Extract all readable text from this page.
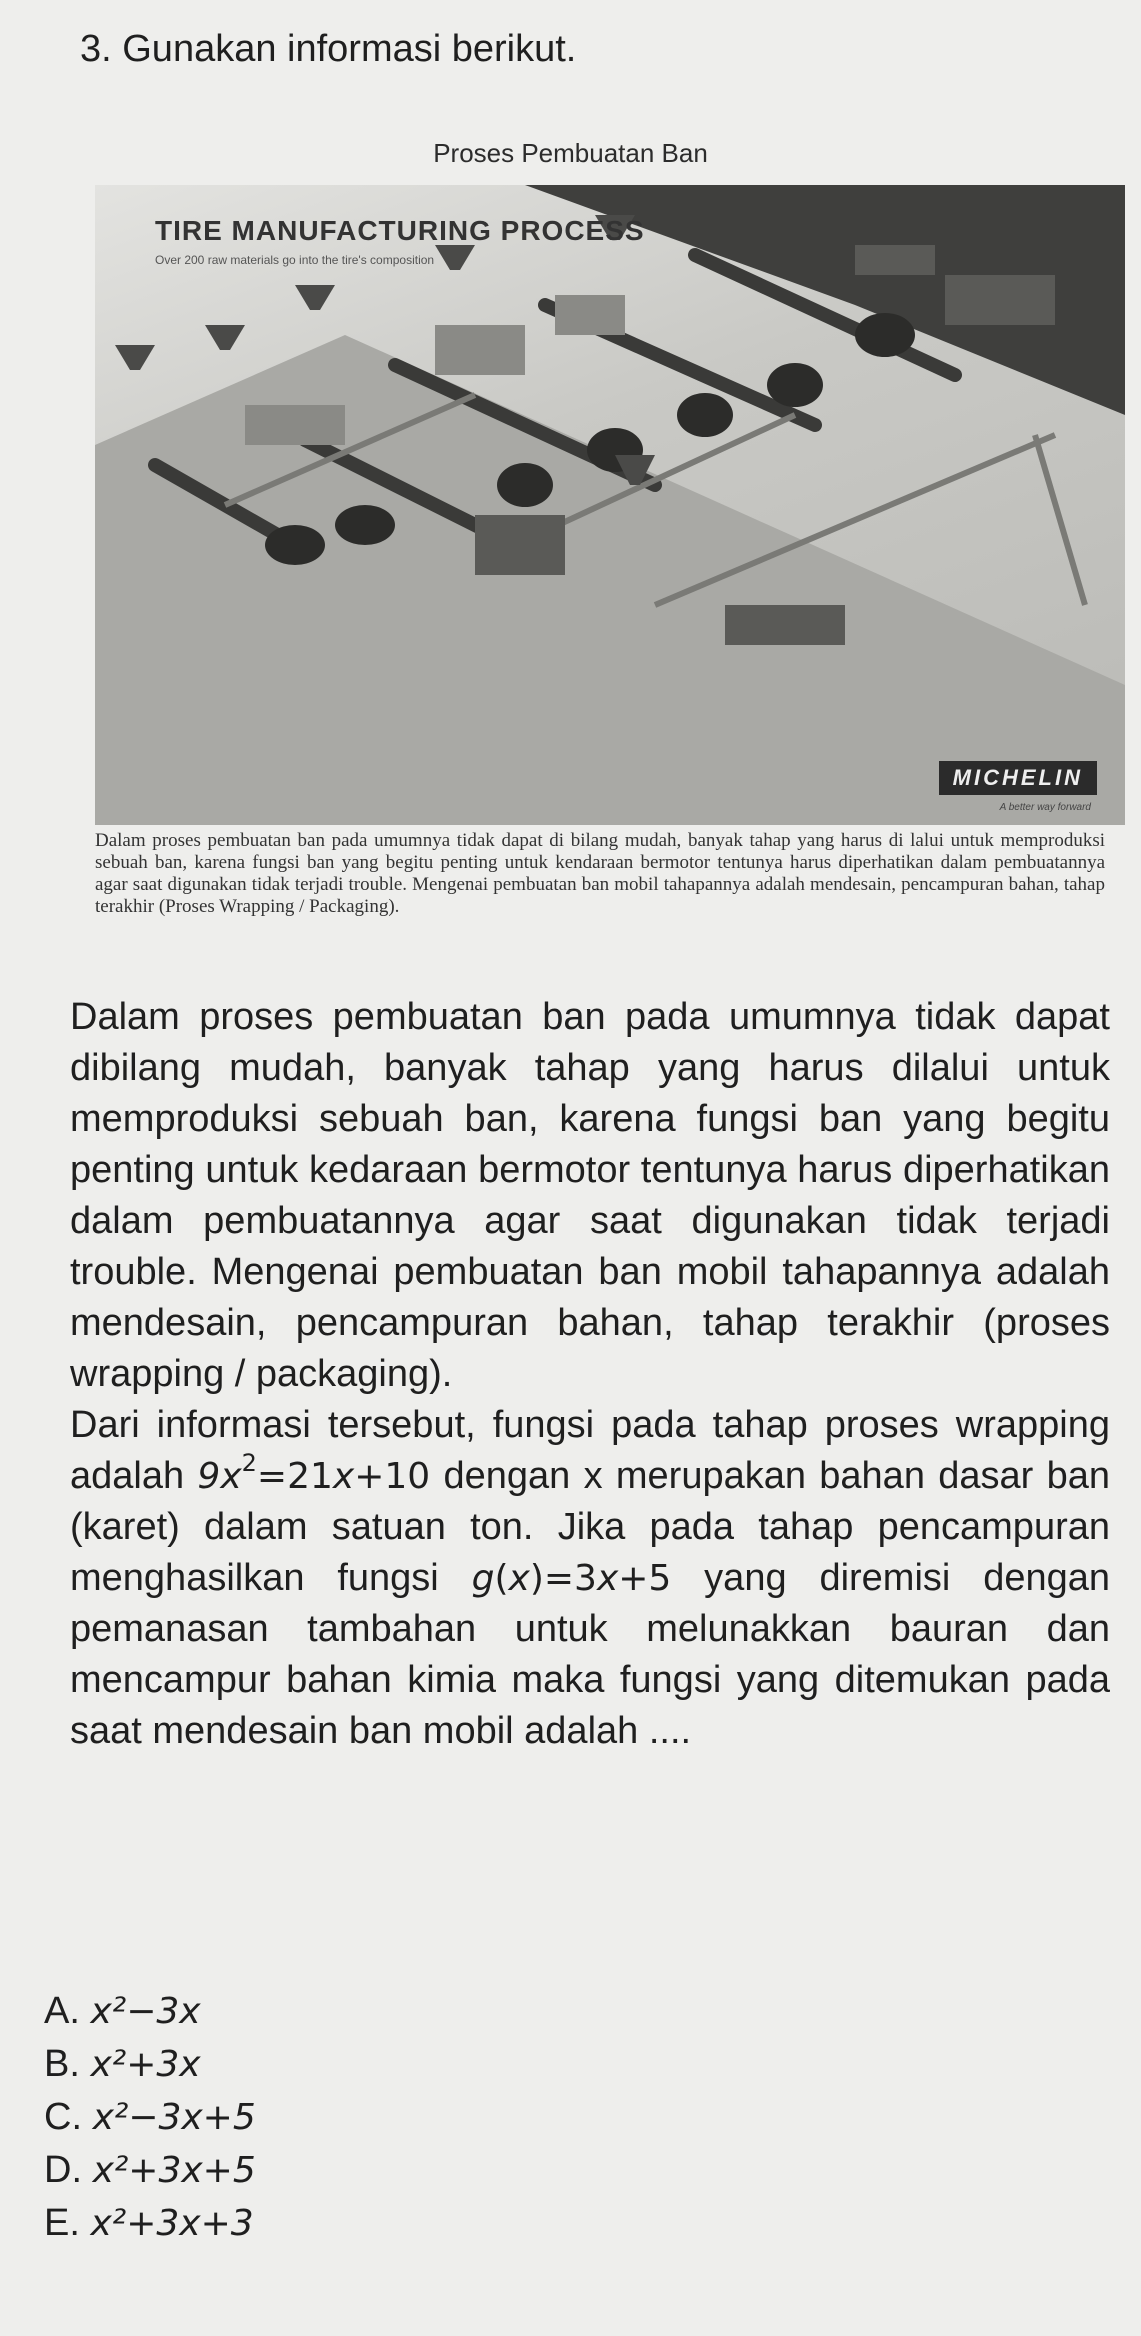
3. Gunakan informasi berikut.
Proses Pembuatan Ban
TIRE MANUFACTURING PROCESS
Over 200 raw materials go into the tire's composition
MICHELIN
A better way forward
Dalam proses pembuatan ban pada umumnya tidak dapat di bilang mudah, banyak tahap yang harus di lalui untuk memproduksi sebuah ban, karena fungsi ban yang begitu penting untuk kendaraan bermotor tentunya harus diperhatikan dalam pembuatannya agar saat digunakan tidak terjadi trouble. Mengenai pembuatan ban mobil tahapannya adalah mendesain, pencampuran bahan, tahap terakhir (Proses Wrapping / Packaging).

Dalam proses pembuatan ban pada umumnya tidak dapat dibilang mudah, banyak tahap yang harus dilalui untuk memproduksi sebuah ban, karena fungsi ban yang begitu penting untuk kedaraan bermotor tentunya harus diperhatikan dalam pembuatannya agar saat digunakan tidak terjadi trouble. Mengenai pembuatan ban mobil tahapannya adalah mendesain, pencampuran bahan, tahap terakhir (proses wrapping / packaging).

Dari informasi tersebut, fungsi pada tahap proses wrapping adalah $9x^2=21x+10$ dengan x merupakan bahan dasar ban (karet) dalam satuan ton. Jika pada tahap pencampuran menghasilkan fungsi g(x)=3x+5 yang diremisi dengan pemanasan tambahan untuk melunakkan bauran dan mencampur bahan kimia maka fungsi yang ditemukan pada saat mendesain ban mobil adalah ....

A. x²−3x
B. x²+3x
C. x²−3x+5
D. x²+3x+5
E. x²+3x+3
